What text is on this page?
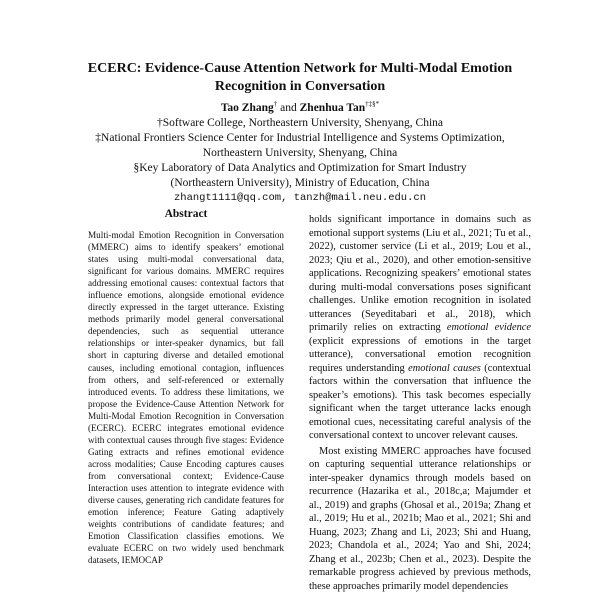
ECERC: Evidence-Cause Attention Network for Multi-Modal Emotion Recognition in Conversation
Tao Zhang† and Zhenhua Tan†‡§*
†Software College, Northeastern University, Shenyang, China
‡National Frontiers Science Center for Industrial Intelligence and Systems Optimization,
Northeastern University, Shenyang, China
§Key Laboratory of Data Analytics and Optimization for Smart Industry
(Northeastern University), Ministry of Education, China
zhangt1111@qq.com, tanzh@mail.neu.edu.cn
Abstract
Multi-modal Emotion Recognition in Conversation (MMERC) aims to identify speakers’ emotional states using multi-modal conversational data, significant for various domains. MMERC requires addressing emotional causes: contextual factors that influence emotions, alongside emotional evidence directly expressed in the target utterance. Existing methods primarily model general conversational dependencies, such as sequential utterance relationships or inter-speaker dynamics, but fall short in capturing diverse and detailed emotional causes, including emotional contagion, influences from others, and self-referenced or externally introduced events. To address these limitations, we propose the Evidence-Cause Attention Network for Multi-Modal Emotion Recognition in Conversation (ECERC). ECERC integrates emotional evidence with contextual causes through five stages: Evidence Gating extracts and refines emotional evidence across modalities; Cause Encoding captures causes from conversational context; Evidence-Cause Interaction uses attention to integrate evidence with diverse causes, generating rich candidate features for emotion inference; Feature Gating adaptively weights contributions of candidate features; and Emotion Classification classifies emotions. We evaluate ECERC on two widely used benchmark datasets, IEMOCAP

holds significant importance in domains such as emotional support systems (Liu et al., 2021; Tu et al., 2022), customer service (Li et al., 2019; Lou et al., 2023; Qiu et al., 2020), and other emotion-sensitive applications. Recognizing speakers’ emotional states during multi-modal conversations poses significant challenges. Unlike emotion recognition in isolated utterances (Seyeditabari et al., 2018), which primarily relies on extracting emotional evidence (explicit expressions of emotions in the target utterance), conversational emotion recognition requires understanding emotional causes (contextual factors within the conversation that influence the speaker’s emotions). This task becomes especially significant when the target utterance lacks enough emotional cues, necessitating careful analysis of the conversational context to uncover relevant causes.

Most existing MMERC approaches have focused on capturing sequential utterance relationships or inter-speaker dynamics through models based on recurrence (Hazarika et al., 2018c,a; Majumder et al., 2019) and graphs (Ghosal et al., 2019a; Zhang et al., 2019; Hu et al., 2021b; Mao et al., 2021; Shi and Huang, 2023; Zhang and Li, 2023; Shi and Huang, 2023; Chandola et al., 2024; Yao and Shi, 2024; Zhang et al., 2023b; Chen et al., 2023). Despite the remarkable progress achieved by previous methods, these approaches primarily model dependencies
